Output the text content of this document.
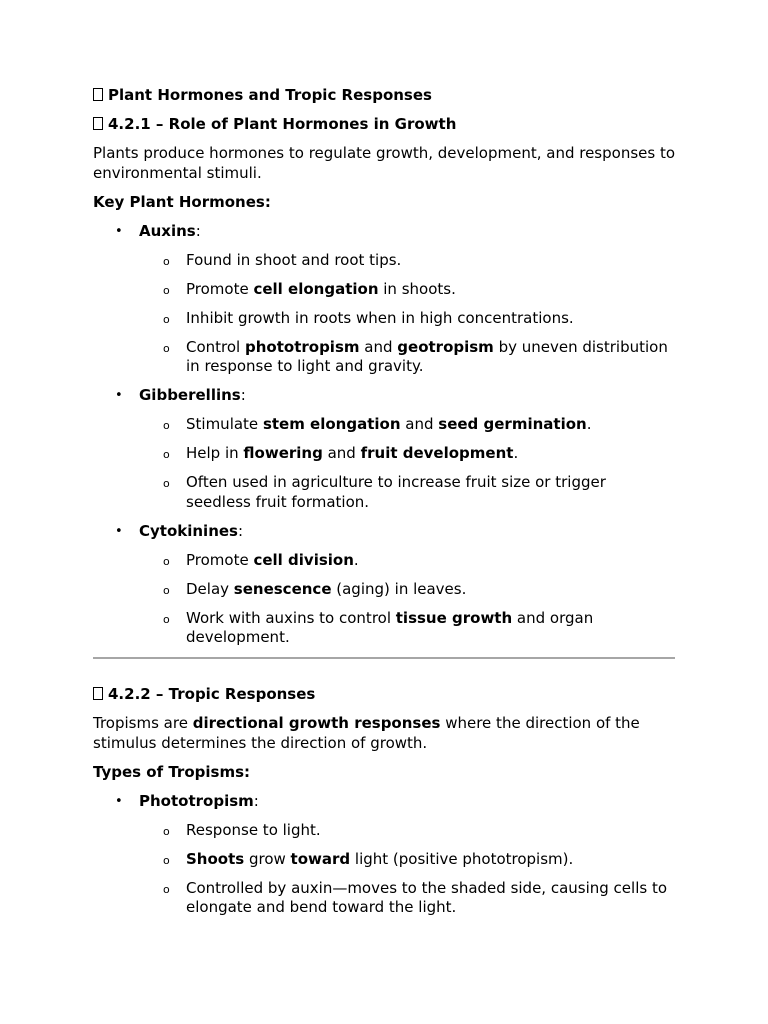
Plant Hormones and Tropic Responses

4.2.1 – Role of Plant Hormones in Growth

Plants produce hormones to regulate growth, development, and responses to environmental stimuli.

Key Plant Hormones:

• Auxins:
o Found in shoot and root tips.
o Promote cell elongation in shoots.
o Inhibit growth in roots when in high concentrations.
o Control phototropism and geotropism by uneven distribution in response to light and gravity.
• Gibberellins:
o Stimulate stem elongation and seed germination.
o Help in flowering and fruit development.
o Often used in agriculture to increase fruit size or trigger seedless fruit formation.
• Cytokinines:
o Promote cell division.
o Delay senescence (aging) in leaves.
o Work with auxins to control tissue growth and organ development.

4.2.2 – Tropic Responses

Tropisms are directional growth responses where the direction of the stimulus determines the direction of growth.

Types of Tropisms:

• Phototropism:
o Response to light.
o Shoots grow toward light (positive phototropism).
o Controlled by auxin—moves to the shaded side, causing cells to elongate and bend toward the light.
